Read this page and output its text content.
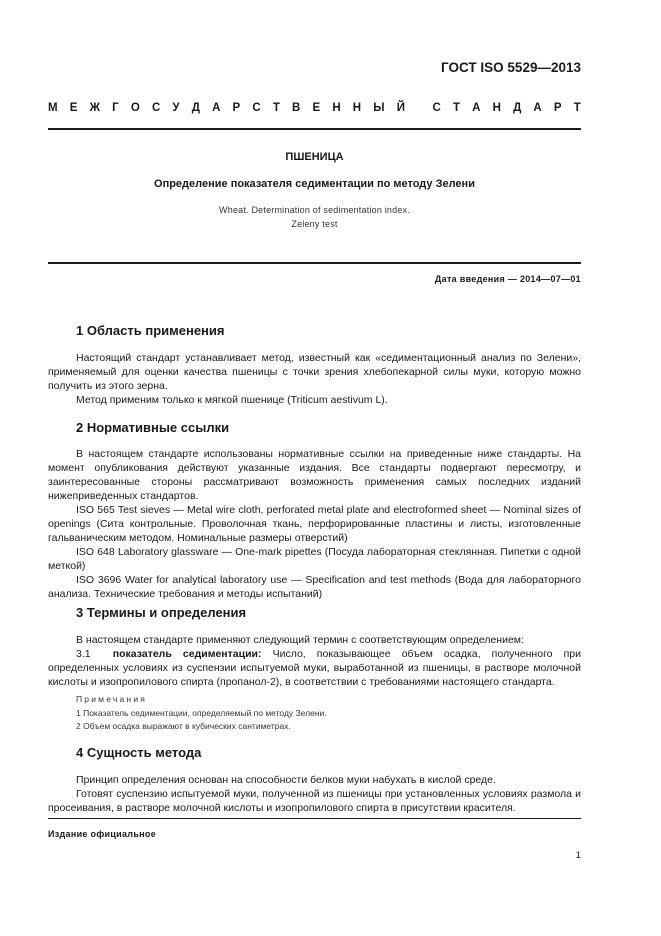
ГОСТ ISO 5529—2013
М Е Ж Г О С У Д А Р С Т В Е Н Н Ы Й
С Т А Н Д А Р Т
ПШЕНИЦА
Определение показателя седиментации по методу Зелени
Wheat. Determination of sedimentation index.
Zeleny test
Дата введения — 2014—07—01
1 Область применения

Настоящий стандарт устанавливает метод, известный как «седиментационный анализ по Зелени», применяемый для оценки качества пшеницы с точки зрения хлебопекарной силы муки, которую можно получить из этого зерна.

Метод применим только к мягкой пшенице (Triticum aestivum L).

2 Нормативные ссылки

В настоящем стандарте использованы нормативные ссылки на приведенные ниже стандарты. На момент опубликования действуют указанные издания. Все стандарты подвергают пересмотру, и заинтересованные стороны рассматривают возможность применения самых последних изданий нижеприведенных стандартов.

ISO 565 Test sieves — Metal wire cloth, perforated metal plate and electroformed sheet — Nominal sizes of openings (Сита контрольные. Проволочная ткань, перфорированные пластины и листы, изготовленные гальваническим методом. Номинальные размеры отверстий)

ISO 648 Laboratory glassware — One-mark pipettes (Посуда лабораторная стеклянная. Пипетки с одной меткой)

ISO 3696 Water for analytical laboratory use — Specification and test methods (Вода для лабораторного анализа. Технические требования и методы испытаний)

3 Термины и определения

В настоящем стандарте применяют следующий термин с соответствующим определением:

3.1 показатель седиментации: Число, показывающее объем осадка, полученного при определенных условиях из суспензии испытуемой муки, выработанной из пшеницы, в растворе молочной кислоты и изопропилового спирта (пропанол-2), в соответствии с требованиями настоящего стандарта.

Примечания
1 Показатель седиментации, определяемый по методу Зелени.
2 Объем осадка выражают в кубических сантиметрах.
4 Сущность метода

Принцип определения основан на способности белков муки набухать в кислой среде.

Готовят суспензию испытуемой муки, полученной из пшеницы при установленных условиях размола и просеивания, в растворе молочной кислоты и изопропилового спирта в присутствии красителя.

Издание официальное
1
